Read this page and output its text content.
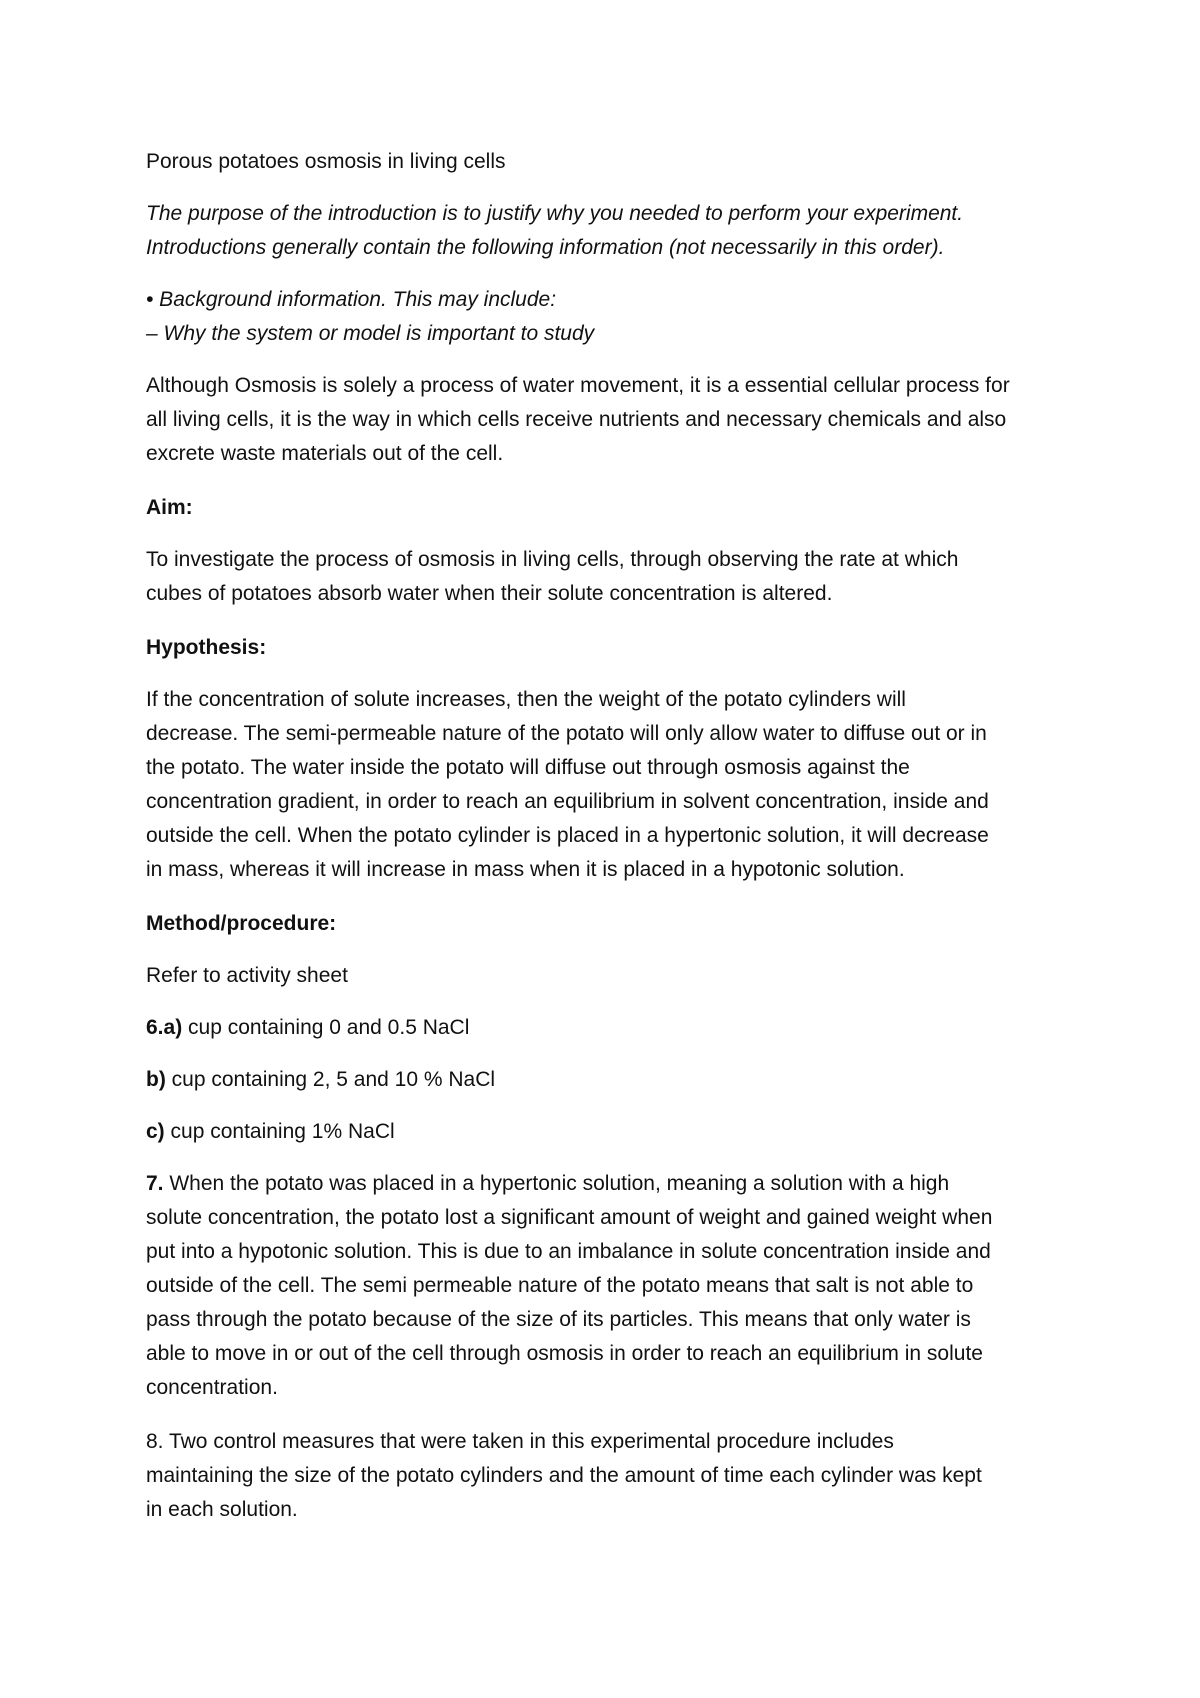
Porous potatoes osmosis in living cells

The purpose of the introduction is to justify why you needed to perform your experiment.
Introductions generally contain the following information (not necessarily in this order).

• Background information. This may include:
– Why the system or model is important to study

Although Osmosis is solely a process of water movement, it is a essential cellular process for
all living cells, it is the way in which cells receive nutrients and necessary chemicals and also
excrete waste materials out of the cell.

Aim:

To investigate the process of osmosis in living cells, through observing the rate at which
cubes of potatoes absorb water when their solute concentration is altered.

Hypothesis:

If the concentration of solute increases, then the weight of the potato cylinders will
decrease. The semi-permeable nature of the potato will only allow water to diffuse out or in
the potato. The water inside the potato will diffuse out through osmosis against the
concentration gradient, in order to reach an equilibrium in solvent concentration, inside and
outside the cell. When the potato cylinder is placed in a hypertonic solution, it will decrease
in mass, whereas it will increase in mass when it is placed in a hypotonic solution.

Method/procedure:

Refer to activity sheet

6.a) cup containing 0 and 0.5 NaCl

b) cup containing 2, 5 and 10 % NaCl

c) cup containing 1% NaCl

7. When the potato was placed in a hypertonic solution, meaning a solution with a high
solute concentration, the potato lost a significant amount of weight and gained weight when
put into a hypotonic solution. This is due to an imbalance in solute concentration inside and
outside of the cell. The semi permeable nature of the potato means that salt is not able to
pass through the potato because of the size of its particles. This means that only water is
able to move in or out of the cell through osmosis in order to reach an equilibrium in solute
concentration.

8. Two control measures that were taken in this experimental procedure includes
maintaining the size of the potato cylinders and the amount of time each cylinder was kept
in each solution.
